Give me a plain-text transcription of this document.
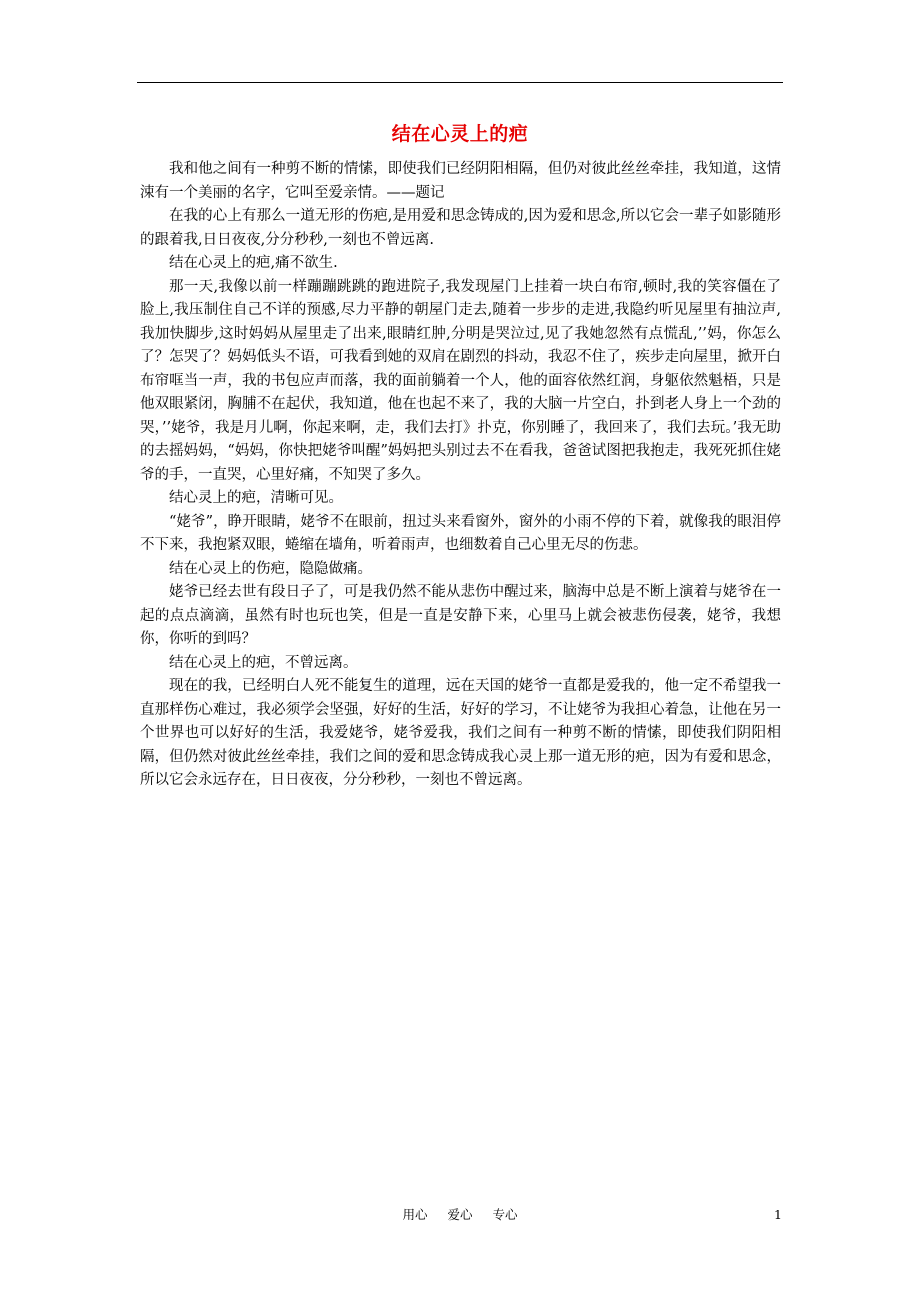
结在心灵上的疤

我和他之间有一种剪不断的情愫，即使我们已经阴阳相隔，但仍对彼此丝丝牵挂，我知道，这情涑有一个美丽的名字，它叫至爱亲情。——题记

在我的心上有那么一道无形的伤疤,是用爱和思念铸成的,因为爱和思念,所以它会一辈子如影随形的跟着我,日日夜夜,分分秒秒,一刻也不曾远离.

结在心灵上的疤,痛不欲生.

那一天,我像以前一样蹦蹦跳跳的跑进院子,我发现屋门上挂着一块白布帘,顿时,我的笑容僵在了脸上,我压制住自己不详的预感,尽力平静的朝屋门走去,随着一步步的走进,我隐约听见屋里有抽泣声,我加快脚步,这时妈妈从屋里走了出来,眼睛红肿,分明是哭泣过,见了我她忽然有点慌乱,’’妈，你怎么了？怎哭了？妈妈低头不语，可我看到她的双肩在剧烈的抖动，我忍不住了，疾步走向屋里，掀开白布帘哐当一声，我的书包应声而落，我的面前躺着一个人，他的面容依然红润，身躯依然魁梧，只是他双眼紧闭，胸脯不在起伏，我知道，他在也起不来了，我的大脑一片空白，扑到老人身上一个劲的哭，’’姥爷，我是月儿啊，你起来啊，走，我们去打》扑克，你别睡了，我回来了，我们去玩。’我无助的去摇妈妈，“妈妈，你快把姥爷叫醒”妈妈把头别过去不在看我，爸爸试图把我抱走，我死死抓住姥爷的手，一直哭，心里好痛，不知哭了多久。

结心灵上的疤，清晰可见。

“姥爷”，睁开眼睛，姥爷不在眼前，扭过头来看窗外，窗外的小雨不停的下着，就像我的眼泪停不下来，我抱紧双眼，蜷缩在墙角，听着雨声，也细数着自己心里无尽的伤悲。

结在心灵上的伤疤，隐隐做痛。

姥爷已经去世有段日子了，可是我仍然不能从悲伤中醒过来，脑海中总是不断上演着与姥爷在一起的点点滴滴，虽然有时也玩也笑，但是一直是安静下来，心里马上就会被悲伤侵袭，姥爷，我想你，你听的到吗？

结在心灵上的疤，不曾远离。

现在的我，已经明白人死不能复生的道理，远在天国的姥爷一直都是爱我的，他一定不希望我一直那样伤心难过，我必须学会坚强，好好的生活，好好的学习，不让姥爷为我担心着急，让他在另一个世界也可以好好的生活，我爱姥爷，姥爷爱我，我们之间有一种剪不断的情愫，即使我们阴阳相隔，但仍然对彼此丝丝牵挂，我们之间的爱和思念铸成我心灵上那一道无形的疤，因为有爱和思念，所以它会永远存在，日日夜夜，分分秒秒，一刻也不曾远离。

用心 爱心 专心	1
